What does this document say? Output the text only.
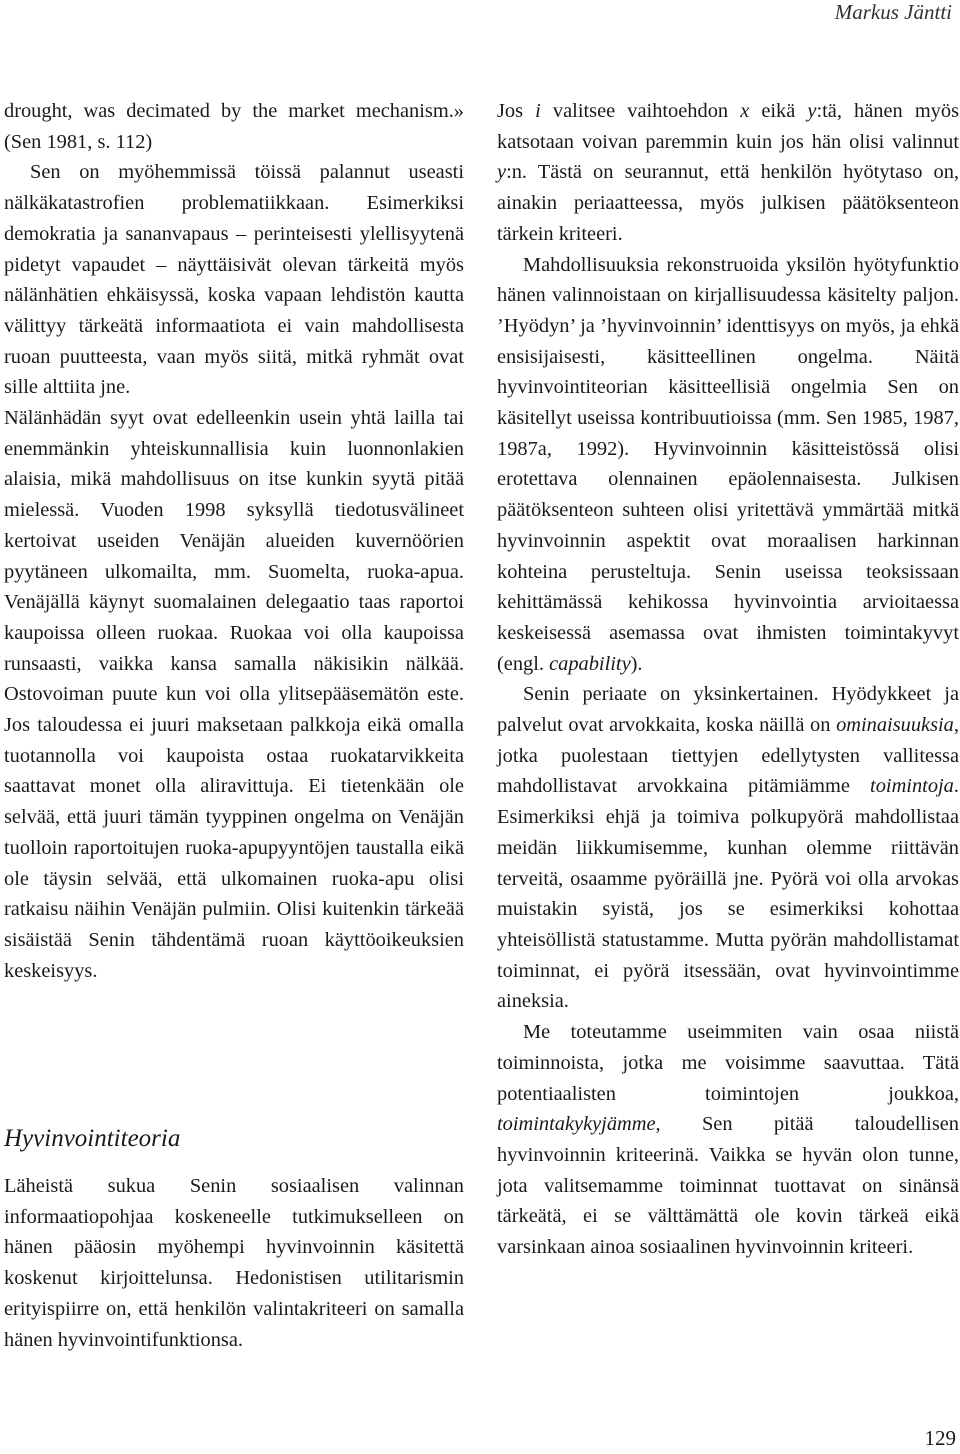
Markus Jäntti

drought, was decimated by the market mechanism.» (Sen 1981, s. 112)

Sen on myöhemmissä töissä palannut useasti nälkäkatastrofien problematiikkaan. Esimerkiksi demokratia ja sananvapaus – perinteisesti ylellisyytenä pidetyt vapaudet – näyttäisivät olevan tärkeitä myös nälänhätien ehkäisyssä, koska vapaan lehdistön kautta välittyy tärkeätä informaatiota ei vain mahdollisesta ruoan puutteesta, vaan myös siitä, mitkä ryhmät ovat sille alttiita jne.

Nälänhädän syyt ovat edelleenkin usein yhtä lailla tai enemmänkin yhteiskunnallisia kuin luonnonlakien alaisia, mikä mahdollisuus on itse kunkin syytä pitää mielessä. Vuoden 1998 syksyllä tiedotusvälineet kertoivat useiden Venäjän alueiden kuvernöörien pyytäneen ulkomailta, mm. Suomelta, ruoka-apua. Venäjällä käynyt suomalainen delegaatio taas raportoi kaupoissa olleen ruokaa. Ruokaa voi olla kaupoissa runsaasti, vaikka kansa samalla näkisikin nälkää. Ostovoiman puute kun voi olla ylitsepääsemätön este. Jos taloudessa ei juuri maksetaan palkkoja eikä omalla tuotannolla voi kaupoista ostaa ruokatarvikkeita saattavat monet olla aliravittuja. Ei tietenkään ole selvää, että juuri tämän tyyppinen ongelma on Venäjän tuolloin raportoitujen ruoka-apupyyntöjen taustalla eikä ole täysin selvää, että ulkomainen ruoka-apu olisi ratkaisu näihin Venäjän pulmiin. Olisi kuitenkin tärkeää sisäistää Senin tähdentämä ruoan käyttöoikeuksien keskeisyys.

Hyvinvointiteoria

Läheistä sukua Senin sosiaalisen valinnan informaatiopohjaa koskeneelle tutkimukselleen on hänen pääosin myöhempi hyvinvoinnin käsitettä koskenut kirjoittelunsa. Hedonistisen utilitarismin erityispiirre on, että henkilön valintakriteeri on samalla hänen hyvinvointifunktionsa.

Jos i valitsee vaihtoehdon x eikä y:tä, hänen myös katsotaan voivan paremmin kuin jos hän olisi valinnut y:n. Tästä on seurannut, että henkilön hyötytaso on, ainakin periaatteessa, myös julkisen päätöksenteon tärkein kriteeri.

Mahdollisuuksia rekonstruoida yksilön hyötyfunktio hänen valinnoistaan on kirjallisuudessa käsitelty paljon. ’Hyödyn’ ja ’hyvinvoinnin’ identtisyys on myös, ja ehkä ensisijaisesti, käsitteellinen ongelma. Näitä hyvinvointiteorian käsitteellisiä ongelmia Sen on käsitellyt useissa kontribuutioissa (mm. Sen 1985, 1987, 1987a, 1992). Hyvinvoinnin käsitteistössä olisi erotettava olennainen epäolennaisesta. Julkisen päätöksenteon suhteen olisi yritettävä ymmärtää mitkä hyvinvoinnin aspektit ovat moraalisen harkinnan kohteina perusteltuja. Senin useissa teoksissaan kehittämässä kehikossa hyvinvointia arvioitaessa keskeisessä asemassa ovat ihmisten toimintakyvyt (engl. capability).

Senin periaate on yksinkertainen. Hyödykkeet ja palvelut ovat arvokkaita, koska näillä on ominaisuuksia, jotka puolestaan tiettyjen edellytysten vallitessa mahdollistavat arvokkaina pitämiämme toimintoja. Esimerkiksi ehjä ja toimiva polkupyörä mahdollistaa meidän liikkumisemme, kunhan olemme riittävän terveitä, osaamme pyöräillä jne. Pyörä voi olla arvokas muistakin syistä, jos se esimerkiksi kohottaa yhteisöllistä statustamme. Mutta pyörän mahdollistamat toiminnat, ei pyörä itsessään, ovat hyvinvointimme aineksia.

Me toteutamme useimmiten vain osaa niistä toiminnoista, jotka me voisimme saavuttaa. Tätä potentiaalisten toimintojen joukkoa, toimintakykyjämme, Sen pitää taloudellisen hyvinvoinnin kriteerinä. Vaikka se hyvän olon tunne, jota valitsemamme toiminnat tuottavat on sinänsä tärkeätä, ei se välttämättä ole kovin tärkeä eikä varsinkaan ainoa sosiaalinen hyvinvoinnin kriteeri.

129
